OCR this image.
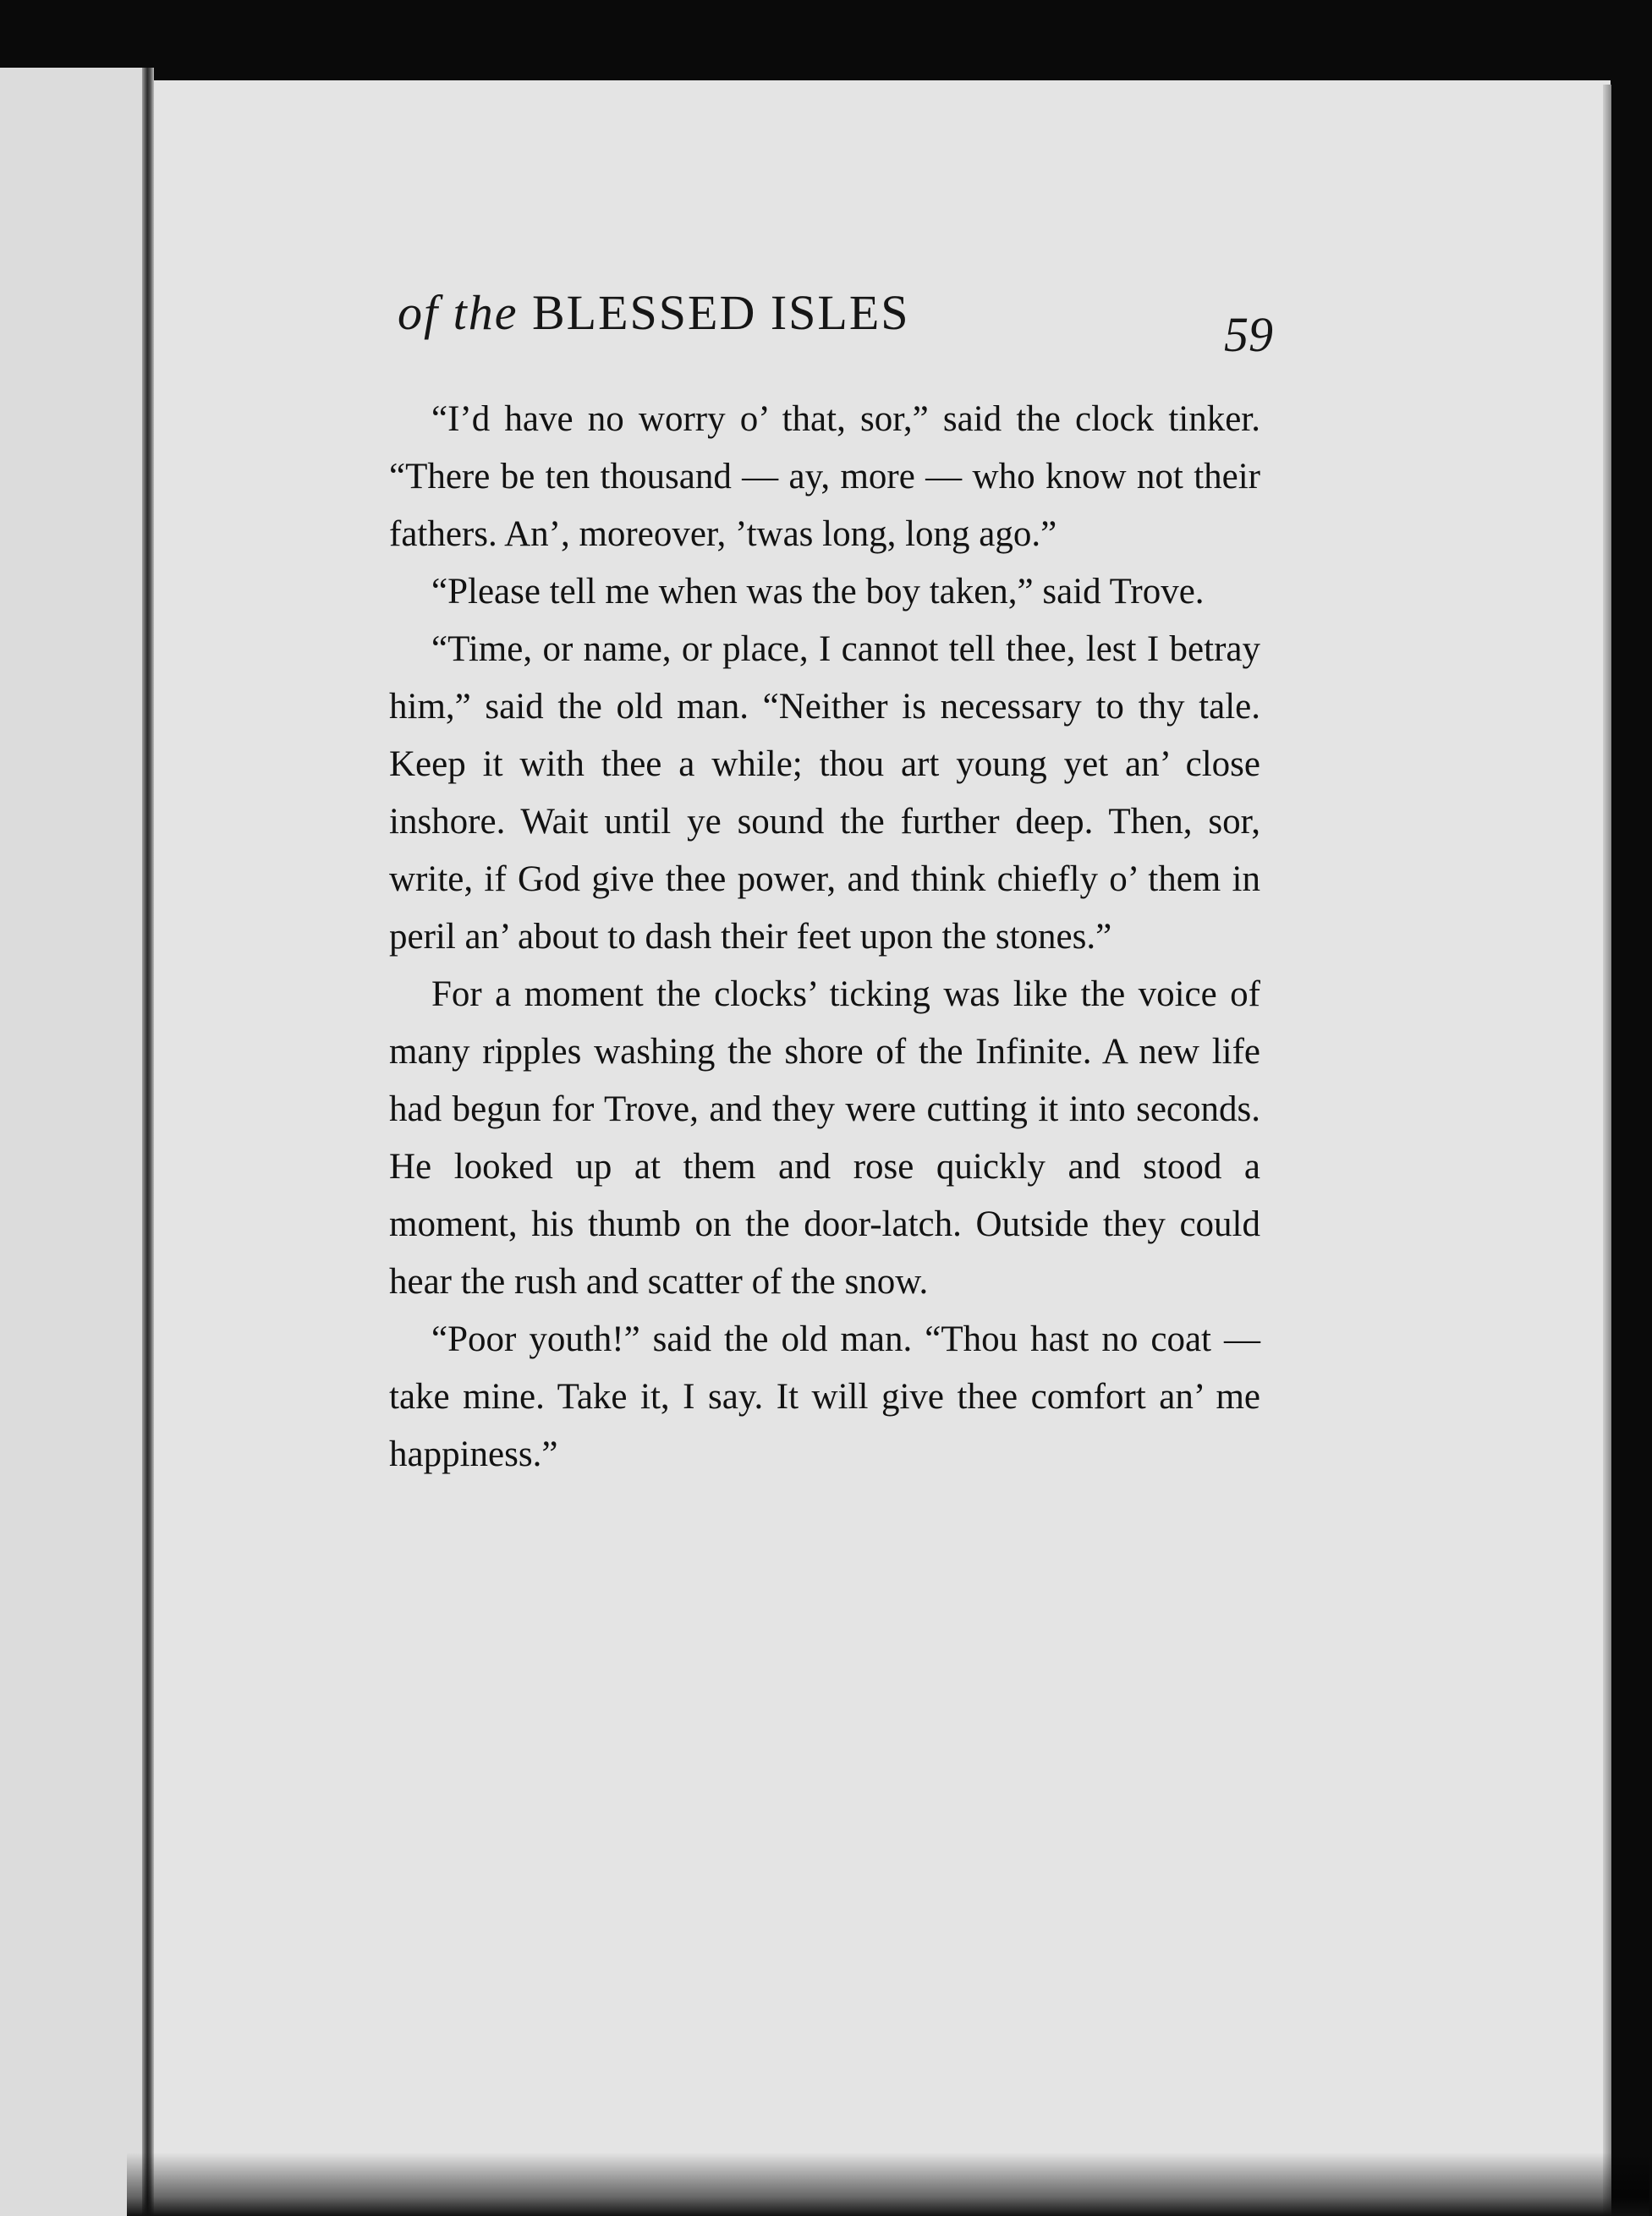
of the BLESSED ISLES	59

“I’d have no worry o’ that, sor,” said the clock tinker. “There be ten thousand — ay, more — who know not their fathers. An’, moreover, ’twas long, long ago.”

“Please tell me when was the boy taken,” said Trove.

“Time, or name, or place, I cannot tell thee, lest I betray him,” said the old man. “Neither is necessary to thy tale. Keep it with thee a while; thou art young yet an’ close inshore. Wait until ye sound the further deep. Then, sor, write, if God give thee power, and think chiefly o’ them in peril an’ about to dash their feet upon the stones.”

For a moment the clocks’ ticking was like the voice of many ripples washing the shore of the Infinite. A new life had begun for Trove, and they were cutting it into seconds. He looked up at them and rose quickly and stood a moment, his thumb on the door-latch. Outside they could hear the rush and scatter of the snow.

“Poor youth!” said the old man. “Thou hast no coat — take mine. Take it, I say. It will give thee comfort an’ me happiness.”
